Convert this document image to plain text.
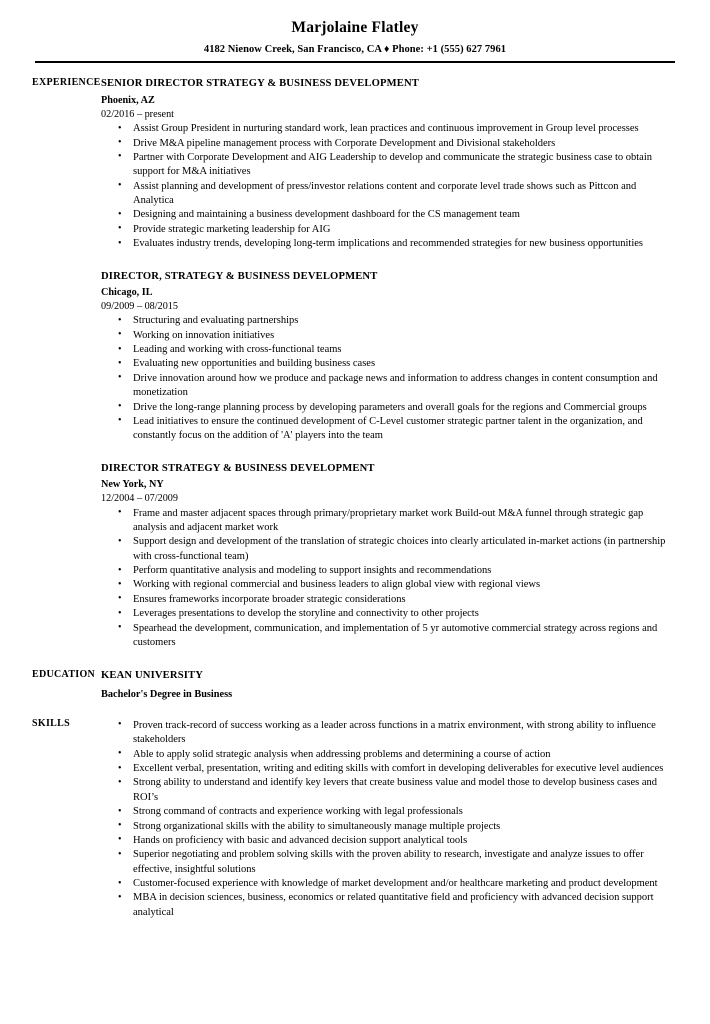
Marjolaine Flatley
4182 Nienow Creek, San Francisco, CA ♦ Phone: +1 (555) 627 7961
EXPERIENCE SENIOR DIRECTOR STRATEGY & BUSINESS DEVELOPMENT
Phoenix, AZ
02/2016 – present
• Assist Group President in nurturing standard work, lean practices and continuous improvement in Group level processes
• Drive M&A pipeline management process with Corporate Development and Divisional stakeholders
• Partner with Corporate Development and AIG Leadership to develop and communicate the strategic business case to obtain support for M&A initiatives
• Assist planning and development of press/investor relations content and corporate level trade shows such as Pittcon and Analytica
• Designing and maintaining a business development dashboard for the CS management team
• Provide strategic marketing leadership for AIG
• Evaluates industry trends, developing long-term implications and recommended strategies for new business opportunities
DIRECTOR, STRATEGY & BUSINESS DEVELOPMENT
Chicago, IL
09/2009 – 08/2015
• Structuring and evaluating partnerships
• Working on innovation initiatives
• Leading and working with cross-functional teams
• Evaluating new opportunities and building business cases
• Drive innovation around how we produce and package news and information to address changes in content consumption and monetization
• Drive the long-range planning process by developing parameters and overall goals for the regions and Commercial groups
• Lead initiatives to ensure the continued development of C-Level customer strategic partner talent in the organization, and constantly focus on the addition of 'A' players into the team
DIRECTOR STRATEGY & BUSINESS DEVELOPMENT
New York, NY
12/2004 – 07/2009
• Frame and master adjacent spaces through primary/proprietary market work Build-out M&A funnel through strategic gap analysis and adjacent market work
• Support design and development of the translation of strategic choices into clearly articulated in-market actions (in partnership with cross-functional team)
• Perform quantitative analysis and modeling to support insights and recommendations
• Working with regional commercial and business leaders to align global view with regional views
• Ensures frameworks incorporate broader strategic considerations
• Leverages presentations to develop the storyline and connectivity to other projects
• Spearhead the development, communication, and implementation of 5 yr automotive commercial strategy across regions and customers
EDUCATION KEAN UNIVERSITY
Bachelor's Degree in Business
SKILLS	• Proven track-record of success working as a leader across functions in a matrix environment, with strong ability to influence stakeholders
• Able to apply solid strategic analysis when addressing problems and determining a course of action
• Excellent verbal, presentation, writing and editing skills with comfort in developing deliverables for executive level audiences
• Strong ability to understand and identify key levers that create business value and model those to develop business cases and ROI’s
• Strong command of contracts and experience working with legal professionals
• Strong organizational skills with the ability to simultaneously manage multiple projects
• Hands on proficiency with basic and advanced decision support analytical tools
• Superior negotiating and problem solving skills with the proven ability to research, investigate and analyze issues to offer effective, insightful solutions
• Customer-focused experience with knowledge of market development and/or healthcare marketing and product development
• MBA in decision sciences, business, economics or related quantitative field and proficiency with advanced decision support analytical
